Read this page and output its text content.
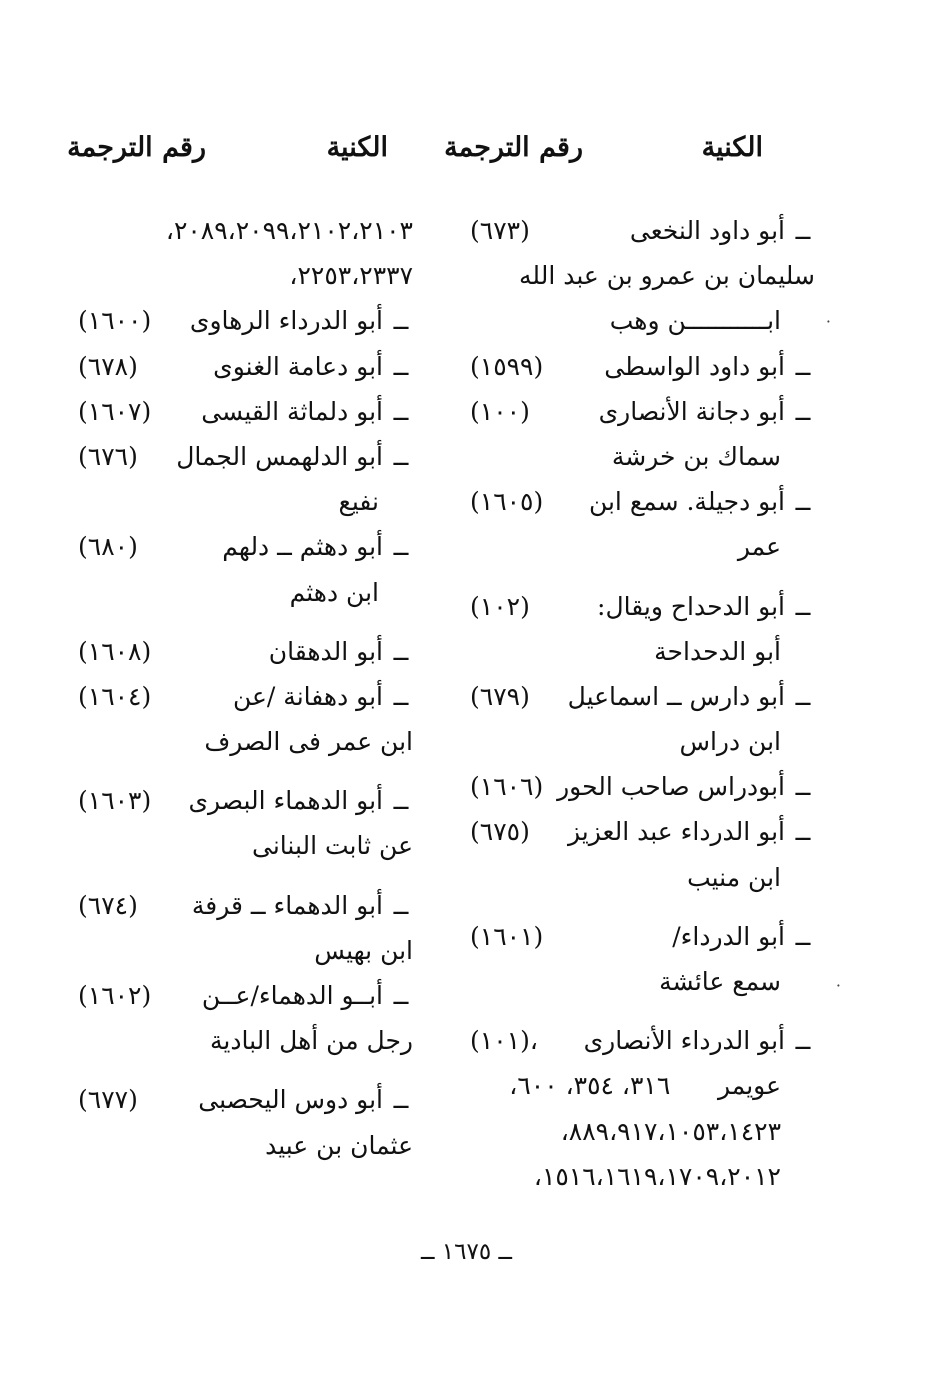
الكنية
رقم الترجمة
الكنية
رقم الترجمة
ــ
أبو داود النخعى
(٦٧٣)
سليمان بن عمرو بن عبد الله
ابـــــــــــن وهب
ــ
أبو داود الواسطى
(١٥٩٩)
ــ
أبو دجانة الأنصارى
(١٠٠)
سماك بن خرشة
ــ
أبو دجيلة. سمع ابن
(١٦٠٥)
عمر
ــ
أبو الدحداح ويقال:
(١٠٢)
أبو الدحداحة
ــ
أبو دارس ــ اسماعيل
(٦٧٩)
ابن دراس
ــ
أبودراس صاحب الحور
(١٦٠٦)
ــ
أبو الدرداء عبد العزيز
(٦٧٥)
ابن منيب
ــ
أبو الدرداء/
(١٦٠١)
سمع عائشة
ــ
أبو الدرداء الأنصارى
(١٠١)،
عويمر      ٣١٦، ٣٥٤، ٦٠٠،
٨٨٩،٩١٧،١٠٥٣،١٤٢٣،
١٥١٦،١٦١٩،١٧٠٩،٢٠١٢،
٢٠٨٩،٢٠٩٩،٢١٠٢،٢١٠٣،
٢٢٥٣،٢٣٣٧،
ــ
أبو الدرداء الرهاوى
(١٦٠٠)
ــ
أبو دعامة الغنوى
(٦٧٨)
ــ
أبو دلماثة القيسى
(١٦٠٧)
ــ
أبو الدلهمس الجمال
(٦٧٦)
نفيع
ــ
أبو دهثم ــ دلهم
(٦٨٠)
ابن دهثم
ــ
أبو الدهقان
(١٦٠٨)
ــ
أبو دهفانة /عن
(١٦٠٤)
ابن عمر فى الصرف
ــ
أبو الدهماء البصرى
(١٦٠٣)
عن ثابت البنانى
ــ
أبو الدهماء ــ قرفة
(٦٧٤)
ابن بهيس
ــ
أبــو الدهماء/عــن
(١٦٠٢)
رجل من أهل البادية
ــ
أبو دوس اليحصبى
(٦٧٧)
عثمان بن عبيد
ــ ١٦٧٥ ــ
·
·
